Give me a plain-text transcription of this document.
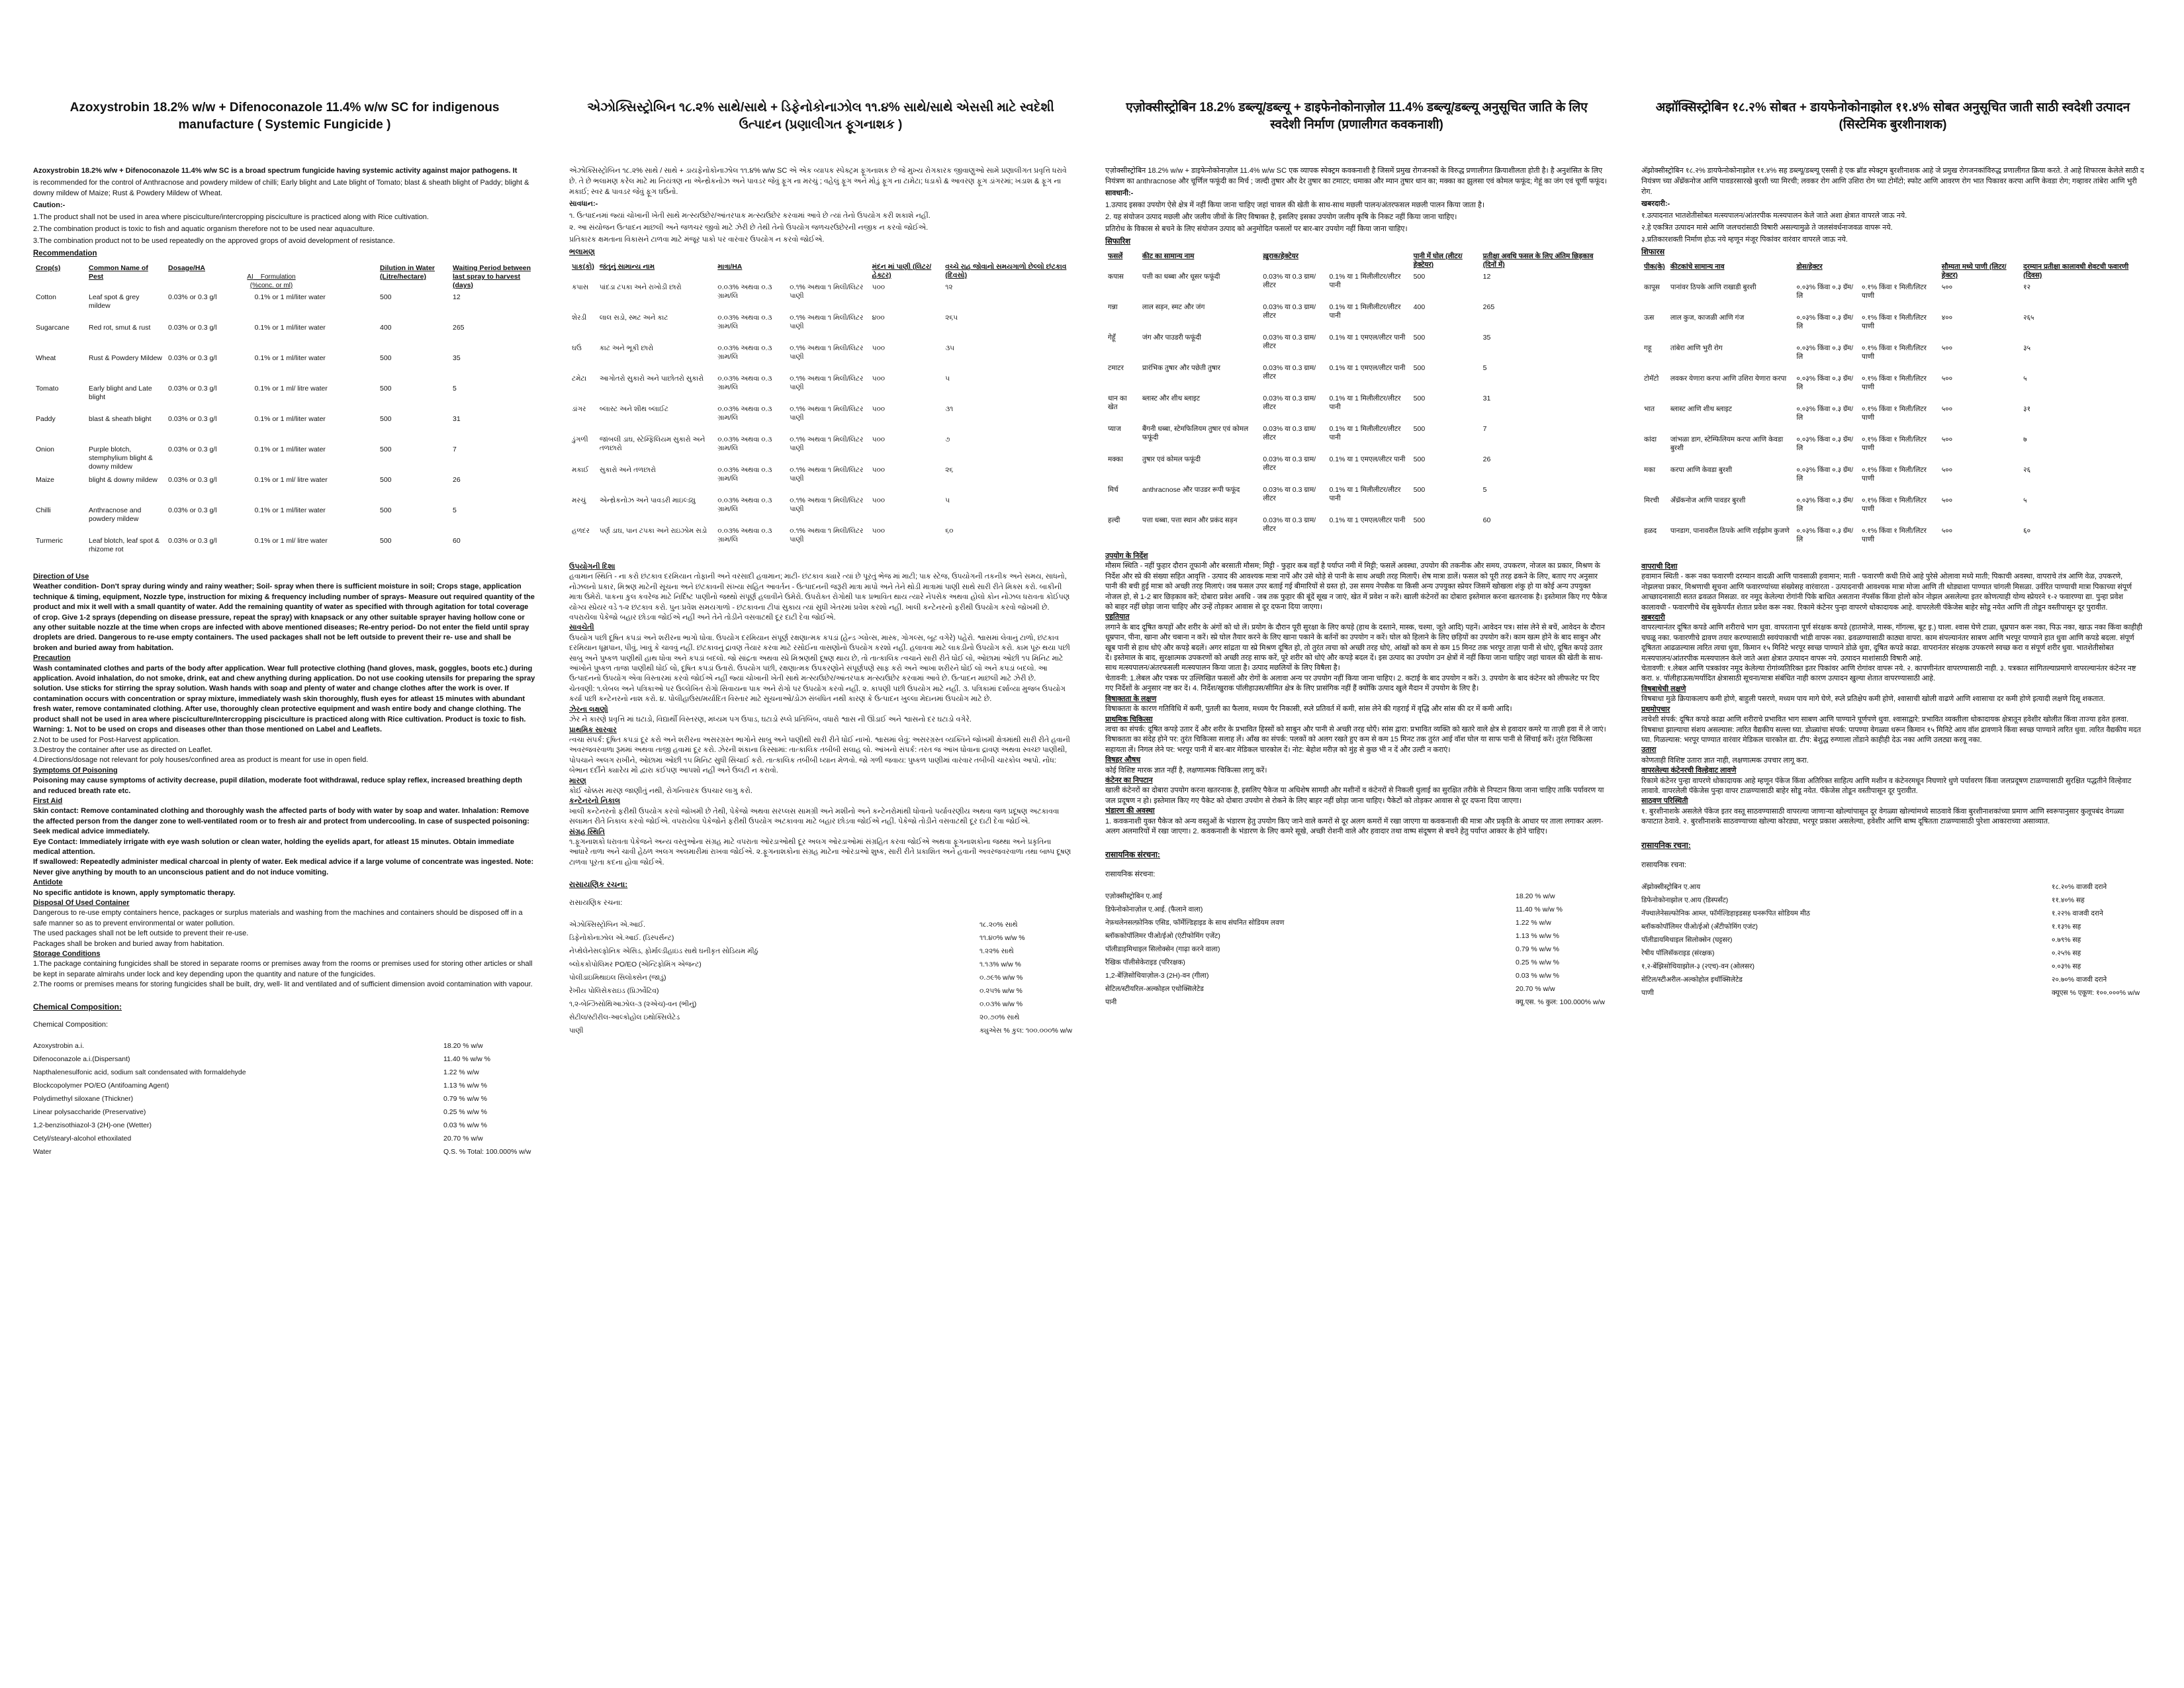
Azoxystrobin 18.2% w/w + Difenoconazole 11.4% w/w SC for indigenous manufacture ( Systemic Fungicide )
Azoxystrobin 18.2% w/w + Difenoconazole 11.4% w/w SC is a broad spectrum fungicide having systemic activity against major pathogens. It
is recommended for the control of Anthracnose and powdery mildew of chilli; Early blight and Late blight of Tomato; blast & sheath blight of Paddy; blight & downy mildew of Maize; Rust & Powdery Mildew of Wheat.
Caution:-
1.The product shall not be used in area where pisciculture/intercropping pisciculture is practiced along with Rice cultivation.
2.The combination product is toxic to fish and aquatic organism therefore not to be used near aquaculture.
3.The combination product not to be used repeatedly on the approved grops of avoid development of resistance.
Recommendation
Crop(s)	Common Name of Pest	Dosage/HA
AI Formulation
(%conc. or ml)		Dilution in Water (Litre/hectare)	Waiting Period between last spray to harvest (days)
Cotton	Leaf spot & grey mildew	0.03% or 0.3 g/l	0.1% or 1 ml/liter water	500	12
Sugarcane	Red rot, smut & rust	0.03% or 0.3 g/l	0.1% or 1 ml/liter water	400	265
Wheat	Rust & Powdery Mildew	0.03% or 0.3 g/l	0.1% or 1 ml/liter water	500	35
Tomato	Early blight and Late blight	0.03% or 0.3 g/l	0.1% or 1 ml/ litre water	500	5
Paddy	blast & sheath blight	0.03% or 0.3 g/l	0.1% or 1 ml/liter water	500	31
Onion	Purple blotch, stemphylium blight & downy mildew	0.03% or 0.3 g/l	0.1% or 1 ml/liter water	500	7
Maize	blight & downy mildew	0.03% or 0.3 g/l	0.1% or 1 ml/ litre water	500	26
Chilli	Anthracnose and powdery mildew	0.03% or 0.3 g/l	0.1% or 1 ml/liter water	500	5
Turmeric	Leaf blotch, leaf spot & rhizome rot	0.03% or 0.3 g/l	0.1% or 1 ml/ litre water	500	60
Direction of Use
Weather condition- Don't spray during windy and rainy weather; Soil- spray when there is sufficient moisture in soil; Crops stage, application technique & timing, equipment, Nozzle type, instruction for mixing & frequency including number of sprays- Measure out required quantity of the product and mix it well with a small quantity of water. Add the remaining quantity of water as specified with through agitation for total coverage of crop. Give 1-2 sprays (depending on disease pressure, repeat the spray) with knapsack or any other suitable sprayer having hollow cone or any other suitable nozzle at the time when crops are infected with above mentioned diseases; Re-entry period- Do not enter the field until spray droplets are dried. Dangerous to re-use empty containers. The used packages shall not be left outside to prevent their re- use and shall be broken and buried away from habitation.
Precaution
Wash contaminated clothes and parts of the body after application. Wear full protective clothing (hand gloves, mask, goggles, boots etc.) during application. Avoid inhalation, do not smoke, drink, eat and chew anything during application. Do not use cooking utensils for preparing the spray solution. Use sticks for stirring the spray solution. Wash hands with soap and plenty of water and change clothes after the work is over. If contamination occurs with concentration or spray mixture, immediately wash skin thoroughly, flush eyes for atleast 15 minutes with abundant fresh water, remove contaminated clothing. After use, thoroughly clean protective equipment and wash entire body and change clothing. The product shall not be used in area where pisciculture/Intercropping pisciculture is practiced along with Rice cultivation. Product is toxic to fish.
Warning: 1. Not to be used on crops and diseases other than those mentioned on Label and Leaflets.
2.Not to be used for Post-Harvest application.
3.Destroy the container after use as directed on Leaflet.
4.Directions/dosage not relevant for poly houses/confined area as product is meant for use in open field.
Symptoms Of Poisoning
Poisoning may cause symptoms of activity decrease, pupil dilation, moderate foot withdrawal, reduce splay reflex, increased breathing depth and reduced breath rate etc.
First Aid
Skin contact: Remove contaminated clothing and thoroughly wash the affected parts of body with water by soap and water. Inhalation: Remove the affected person from the danger zone to well-ventilated room or to fresh air and protect from undercooling. In case of suspected poisoning: Seek medical advice immediately.
Eye Contact: Immediately irrigate with eye wash solution or clean water, holding the eyelids apart, for atleast 15 minutes. Obtain immediate medical attention.
If swallowed: Repeatedly administer medical charcoal in plenty of water. Eek medical advice if a large volume of concentrate was ingested. Note: Never give anything by mouth to an unconscious patient and do not induce vomiting.
Antidote
No specific antidote is known, apply symptomatic therapy.
Disposal Of Used Container
Dangerous to re-use empty containers hence, packages or surplus materials and washing from the machines and containers should be disposed off in a safe manner so as to prevent environmental or water pollution.
The used packages shall not be left outside to prevent their re-use.
Packages shall be broken and buried away from habitation.
Storage Conditions
1.The package containing fungicides shall be stored in separate rooms or premises away from the rooms or premises used for storing other articles or shall be kept in separate almirahs under lock and key depending upon the quantity and nature of the fungicides.
2.The rooms or premises means for storing fungicides shall be built, dry, well- lit and ventilated and of sufficient dimension avoid contamination with vapour.
Chemical Composition:
Chemical Composition:
Azoxystrobin a.i.	18.20 % w/w
Difenoconazole a.i.(Dispersant)	11.40 % w/w %
Napthalenesulfonic acid, sodium salt condensated with formaldehyde	1.22 % w/w
Blockcopolymer PO/EO (Antifoaming Agent)	1.13 % w/w %
Polydimethyl siloxane (Thickner)	0.79 % w/w %
Linear polysaccharide (Preservative)	0.25 % w/w %
1,2-benzisothiazol-3 (2H)-one (Wetter)	0.03 % w/w %
Cetyl/stearyl-alcohol ethoxilated	20.70 % w/w
Water	Q.S. % Total: 100.000% w/w
એઝોક્સિસ્ટ્રોબિન ૧૮.૨% સાથે/સાથે + ડિફેનોકોનાઝોલ ૧૧.૪% સાથે/સાથે એસસી માટે સ્વદેશી ઉત્પાદન (પ્રણાલીગત ફૂગનાશક )
એઝોક્સિસ્ટ્રોબિન ૧૮.૨% સાથે / સાથે + ડાયફેનોકોનાઝોલ ૧૧.૪% w/w SC એ એક વ્યાપક સ્પેક્ટ્રમ ફૂગનાશક છે જે મુખ્ય રોગકારક જીવાણુઓ સામે પ્રણાલીગત પ્રવૃત્તિ ધરાવે છે. તે છે ભલામણ કરેલ માટે મા નિયંત્રણ ના એન્થ્રેકનોઝ અને પાવડર જેવું ફૂગ ના મરચું ; વહેલું ફૂગ અને મોડું ફૂગ ના ટામેટા; ધડાકો & આવરણ ફૂગ ડાંગરમાં; ખડાશ & ફૂગ ના મકાઈ; સ્વર & પાવડર જેવું ફૂગ ઘઉંનો.
સાવધાન:-
૧. ઉત્પાદનમાં જ્યાં ચોખાની ખેતી સાથે મત્સ્યઉછેર/આંતરપાક મત્સ્યઉછેર કરવામાં આવે છે ત્યાં તેનો ઉપયોગ કરી શકાશે નહીં.
૨. આ સંયોજન ઉત્પાદન માછલી અને જળચર જીવો માટે ઝેરી છે તેથી તેનો ઉપયોગ જળચરઉછેરની નજીક ન કરવો જોઈએ.
પ્રતિકારક ક્ષમતાના વિકાસને ટાળવા માટે મંજૂર પાકો પર વારંવાર ઉપયોગ ન કરવો જોઈએ.
ભલામણ
પાક(કો)	જંતુનું સામાન્ય નામ	માત્રા/HA		મંદન માં પાણી (લિટર/હેક્ટર)	વચ્ચે રાહ જોવાનો સમયગાળો છેલ્લો છંટકાવ (દિવસો)
કપાસ	પાંદડા ટપકા અને રાખોડી છારો	૦.૦૩% અથવા ૦.૩ ગ્રામ/લિ	૦.૧% અથવા ૧ મિલી/લિટર પાણી	૫૦૦	૧૨
શેરડી	લાલ સડો, સ્મટ અને કાટ	૦.૦૩% અથવા ૦.૩ ગ્રામ/લિ	૦.૧% અથવા ૧ મિલી/લિટર પાણી	૪૦૦	૨૬૫
ઘઉં	કાટ અને ભૂકી છારો	૦.૦૩% અથવા ૦.૩ ગ્રામ/લિ	૦.૧% અથવા ૧ મિલી/લિટર પાણી	૫૦૦	૩૫
ટમેટા	આગોતરો સુકારો અને પાછોતરો સુકારો	૦.૦૩% અથવા ૦.૩ ગ્રામ/લિ	૦.૧% અથવા ૧ મિલી/લિટર પાણી	૫૦૦	૫
ડાંગર	બ્લાસ્ટ અને શીથ બ્લાઈટ	૦.૦૩% અથવા ૦.૩ ગ્રામ/લિ	૦.૧% અથવા ૧ મિલી/લિટર પાણી	૫૦૦	૩૧
ડુંગળી	જાંબલી ડાઘ, સ્ટેમ્ફિલિયમ સુકારો અને તળછારો	૦.૦૩% અથવા ૦.૩ ગ્રામ/લિ	૦.૧% અથવા ૧ મિલી/લિટર પાણી	૫૦૦	૭
મકાઈ	સુકારો અને તળછારો	૦.૦૩% અથવા ૦.૩ ગ્રામ/લિ	૦.૧% અથવા ૧ મિલી/લિટર પાણી	૫૦૦	૨૬
મરચું	એન્થ્રેકનોઝ અને પાવડરી માઇલ્ડ્યુ	૦.૦૩% અથવા ૦.૩ ગ્રામ/લિ	૦.૧% અથવા ૧ મિલી/લિટર પાણી	૫૦૦	૫
હળદર	પર્ણ ડાઘ, પાન ટપકા અને રાઇઝોમ સડો	૦.૦૩% અથવા ૦.૩ ગ્રામ/લિ	૦.૧% અથવા ૧ મિલી/લિટર પાણી	૫૦૦	૬૦
ઉપયોગની દિશા
હવામાન સ્થિતિ - ના કરો છંટકાવ દરમિયાન તોફાની અને વરસાદી હવામાન; માટી- છંટકાવ ક્યારે ત્યાં છે પૂરતું ભેજ માં માટી; પાક સ્ટેજ, ઉપયોગની તકનીક અને સમય, સાધનો, નોઝલનો પ્રકાર, મિશ્રણ માટેની સૂચના અને છંટકાવની સંખ્યા સહિત આવર્તન - ઉત્પાદનની જરૂરી માત્રા માપો અને તેને થોડી માત્રામાં પાણી સાથે સારી રીતે મિક્સ કરો. બાકીની માત્રા ઉમેરો. પાકના કુલ કવરેજ માટે નિર્દિષ્ટ પાણીનો જથ્થો સંપૂર્ણ હલાવીને ઉમેરો. ઉપરોક્ત રોગોથી પાક પ્રભાવિત થાય ત્યારે નેપસેક અથવા હોલો કોન નોઝલ ધરાવતા કોઈપણ યોગ્ય સ્પ્રેયર વડે ૧-૨ છંટકાવ કરો. પુનઃપ્રવેશ સમયગાળો - છંટકાવના ટીપાં સુકાય ત્યાં સુધી ખેતરમાં પ્રવેશ કરશો નહીં. ખાલી કન્ટેનરનો ફરીથી ઉપયોગ કરવો જોખમી છે. વપરાયેલા પેકેજો બહાર છોડવા જોઈએ નહીં અને તેને તોડીને વસવાટથી દૂર દાટી દેવા જોઈએ.
સાવચેતી
ઉપયોગ પછી દૂષિત કપડાં અને શરીરના ભાગો ધોવા. ઉપયોગ દરમિયાન સંપૂર્ણ રક્ષણાત્મક કપડાં (હેન્ડ ગ્લોવ્સ, માસ્ક, ગોગલ્સ, બૂટ વગેરે) પહેરો. શ્વાસમાં લેવાનું ટાળો, છંટકાવ દરમિયાન ધૂમ્રપાન, પીવું, ખાવું કે ચાવવું નહીં. છંટકાવનું દ્રાવણ તૈયાર કરવા માટે રસોઈના વાસણોનો ઉપયોગ કરશો નહીં. હલાવવા માટે લાકડીનો ઉપયોગ કરો. કામ પૂરું થયા પછી સાબુ અને પુષ્કળ પાણીથી હાથ ધોવા અને કપડાં બદલો. જો સાંદ્રતા અથવા સ્પ્રે મિશ્રણથી દૂષણ થાય છે, તો તાત્કાલિક ત્વચાને સારી રીતે ધોઈ લો, ઓછામાં ઓછી ૧૫ મિનિટ માટે આંખોને પુષ્કળ તાજા પાણીથી ધોઈ લો, દૂષિત કપડાં ઉતારો. ઉપયોગ પછી, રક્ષણાત્મક ઉપકરણોને સંપૂર્ણપણે સાફ કરો અને આખા શરીરને ધોઈ લો અને કપડાં બદલો. આ ઉત્પાદનનો ઉપયોગ એવા વિસ્તારમાં કરવો જોઈએ નહીં જ્યાં ચોખાની ખેતી સાથે મત્સ્યઉછેર/આંતરપાક મત્સ્યઉછેર કરવામાં આવે છે. ઉત્પાદન માછલી માટે ઝેરી છે.
ચેતવણી: ૧.લેબલ અને પત્રિકાઓ પર ઉલ્લેખિત રોગો સિવાયના પાક અને રોગો પર ઉપયોગ કરવો નહીં. ૨. કાપણી પછી ઉપયોગ માટે નહીં. ૩. પત્રિકામાં દર્શાવ્યા મુજબ ઉપયોગ કર્યા પછી કન્ટેનરનો નાશ કરો. ૪. પોલીહાઉસ/મર્યાદિત વિસ્તાર માટે સૂચનાઓ/ડોઝ સંબંધિત નથી કારણ કે ઉત્પાદન ખુલ્લા મેદાનમાં ઉપયોગ માટે છે.
ઝેરના લક્ષણો
ઝેર ને કારણે પ્રવૃત્તિ માં ઘટાડો, વિદ્યાર્થી વિસ્તરણ, મધ્યમ પગ ઉપાડ, ઘટાડો સ્પ્લે પ્રતિબિંબ, વધારો શ્વાસ ની ઊંડાઈ અને શ્વાસનો દર ઘટાડો વગેરે.
પ્રાથમિક સારવાર
ત્વચા સંપર્ક: દૂષિત કપડાં દૂર કરો અને શરીરના અસરગ્રસ્ત ભાગોને સાબુ અને પાણીથી સારી રીતે ધોઈ નાખો. શ્વાસમાં લેવું: અસરગ્રસ્ત વ્યક્તિને જોખમી ક્ષેત્રમાંથી સારી રીતે હવાની અવરજવરવાળા રૂમમાં અથવા તાજી હવામાં દૂર કરો. ઝેરની શંકાના કિસ્સામાં: તાત્કાલિક તબીબી સલાહ લો. આંખનો સંપર્ક: તરત જ આંખ ધોવાના દ્રાવણ અથવા સ્વચ્છ પાણીથી, પોપચાને અલગ રાખીને, ઓછામાં ઓછી ૧૫ મિનિટ સુધી સિંચાઈ કરો. તાત્કાલિક તબીબી ધ્યાન મેળવો. જો ગળી જવાય: પુષ્કળ પાણીમાં વારંવાર તબીબી ચારકોલ આપો. નોંધ: બેભાન દર્દીને ક્યારેય મોં દ્વારા કંઈપણ આપશો નહીં અને ઉલટી ન કરાવો.
મારણ
કોઈ ચોક્કસ મારણ જાણીતું નથી, રોગનિવારક ઉપચાર લાગુ કરો.
કન્ટેનરનો નિકાલ
ખાલી કન્ટેનરનો ફરીથી ઉપયોગ કરવો જોખમી છે તેથી, પેકેજો અથવા સરપ્લસ સામગ્રી અને મશીનો અને કન્ટેનરોમાંથી ધોવાનો પર્યાવરણીય અથવા જળ પ્રદૂષણ અટકાવવા સલામત રીતે નિકાલ કરવો જોઈએ. વપરાયેલા પેકેજોને ફરીથી ઉપયોગ અટકાવવા માટે બહાર છોડવા જોઈએ નહીં. પેકેજો તોડીને વસવાટથી દૂર દાટી દેવા જોઈએ.
સંગ્રહ સ્થિતિ
૧.ફૂગનાશકો ધરાવતા પેકેજને અન્ય વસ્તુઓના સંગ્રહ માટે વપરાતા ઓરડાઓથી દૂર અલગ ઓરડાઓમાં સંગ્રહિત કરવા જોઈએ અથવા ફૂગનાશકોના જથ્થા અને પ્રકૃતિના આધારે તાળા અને ચાવી હેઠળ અલગ અલમારીમાં રાખવા જોઈએ. ૨.ફૂગનાશકોના સંગ્રહ માટેના ઓરડાઓ શુષ્ક, સારી રીતે પ્રકાશિત અને હવાની અવરજવરવાળા તથા બાષ્પ દૂષણ ટાળવા પૂરતા કદના હોવા જોઈએ.
રાસાયણિક રચના:
રાસાયણિક રચના:
એઝોક્સિસ્ટ્રોબિન એ.આઈ.	૧૮.૨૦% સાથે
ડિફેનોકોનાઝોલ એ.આઈ. (ડિસ્પર્સન્ટ)	૧૧.૪૦% w/w %
નેપ્થેલેનેસલ્ફોનિક એસિડ, ફોર્માલ્ડીહાઇડ સાથે ઘનીકૃત સોડિયમ મીઠું	૧.૨૨% સાથે
બ્લોકકોપોલિમર PO/EO (એન્ટિફોમિંગ એજન્ટ)	૧.૧૩% w/w %
પોલીડાઇમિથાઇલ સિલોક્સેન (જાડું)	૦.૭૯% w/w %
રેખીય પોલિસેકરાઇડ (પ્રિઝર્વેટિવ)	૦.૨૫% w/w %
૧,૨-બેન્ઝિસોથિઆઝોલ-૩ (૨એચ)-વન (ભીનું)	૦.૦૩% w/w %
સેટીલ/સ્ટીરીલ-આલ્કોહોલ ઇથોક્સિલેટેડ	૨૦.૭૦% સાથે
પાણી	ક્યુએસ % કુલ: ૧૦૦.૦૦૦% w/w
एज़ोक्सीस्ट्रोबिन 18.2% डब्ल्यू/डब्ल्यू + डाइफेनोकोनाज़ोल 11.4% डब्ल्यू/डब्ल्यू अनुसूचित जाति के लिए स्वदेशी निर्माण (प्रणालीगत कवकनाशी)
एज़ोक्सीस्ट्रोबिन 18.2% w/w + डाइफेनोकोनाज़ोल 11.4% w/w SC एक व्यापक स्पेक्ट्रम कवकनाशी है जिसमें प्रमुख रोगजनकों के विरुद्ध प्रणालीगत क्रियाशीलता होती है। है अनुशंसित के लिए नियंत्रण का anthracnose और चूर्णिल फफूंदी का मिर्च ; जल्दी तुषार और देर तुषार का टमाटर; धमाका और म्यान तुषार धान का; मक्का का झुलसा एवं कोमल फफूंद; गेहूं का जंग एवं चूर्णी फफूंद।
सावधानी:-
1.उत्पाद इसका उपयोग ऐसे क्षेत्र में नहीं किया जाना चाहिए जहां चावल की खेती के साथ-साथ मछली पालन/अंतरफसल मछली पालन किया जाता है।
2. यह संयोजन उत्पाद मछली और जलीय जीवों के लिए विषाक्त है, इसलिए इसका उपयोग जलीय कृषि के निकट नहीं किया जाना चाहिए।
प्रतिरोध के विकास से बचने के लिए संयोजन उत्पाद को अनुमोदित फसलों पर बार-बार उपयोग नहीं किया जाना चाहिए।
सिफारिश
फसलें	कीट का सामान्य नाम	ख़ुराक/हेक्टेयर		पानी में घोल (लीटर/हेक्टेयर)	प्रतीक्षा अवधि फसल के लिए अंतिम छिड़काव (दिनों में)
कपास	पत्ती का धब्बा और धूसर फफूंदी	0.03% या 0.3 ग्राम/लीटर	0.1% या 1 मिलीलीटर/लीटर पानी	500	12
गन्ना	लाल सड़न, स्मट और जंग	0.03% या 0.3 ग्राम/लीटर	0.1% या 1 मिलीलीटर/लीटर पानी	400	265
गेहूँ	जंग और पाउडरी फफूंदी	0.03% या 0.3 ग्राम/लीटर	0.1% या 1 एमएल/लीटर पानी	500	35
टमाटर	प्रारंभिक तुषार और पछेती तुषार	0.03% या 0.3 ग्राम/लीटर	0.1% या 1 एमएल/लीटर पानी	500	5
धान का खेत	ब्लास्ट और शीथ ब्लाइट	0.03% या 0.3 ग्राम/लीटर	0.1% या 1 मिलीलीटर/लीटर पानी	500	31
प्याज	बैंगनी धब्बा, स्टेमफिलियम तुषार एवं कोमल फफूंदी	0.03% या 0.3 ग्राम/लीटर	0.1% या 1 मिलीलीटर/लीटर पानी	500	7
मक्का	तुषार एवं कोमल फफूंदी	0.03% या 0.3 ग्राम/लीटर	0.1% या 1 एमएल/लीटर पानी	500	26
मिर्च	anthracnose और पाउडर रूपी फफूंद	0.03% या 0.3 ग्राम/लीटर	0.1% या 1 मिलीलीटर/लीटर पानी	500	5
हल्दी	पत्ता धब्बा, पत्ता स्थान और प्रकंद सड़न	0.03% या 0.3 ग्राम/लीटर	0.1% या 1 एमएल/लीटर पानी	500	60
उपयोग के निर्देश
मौसम स्थिति - नहीं फुहार दौरान तूफानी और बरसाती मौसम; मिट्टी - फुहार कब वहाँ है पर्याप्त नमी में मिट्टी; फसलें अवस्था, उपयोग की तकनीक और समय, उपकरण, नोजल का प्रकार, मिश्रण के निर्देश और स्प्रे की संख्या सहित आवृत्ति - उत्पाद की आवश्यक मात्रा नापें और उसे थोड़े से पानी के साथ अच्छी तरह मिलाएँ। शेष मात्रा डालें। फसल को पूरी तरह ढकने के लिए, बताए गए अनुसार पानी की बची हुई मात्रा को अच्छी तरह मिलाएं। जब फसल उपर बताई गई बीमारियों से ग्रस्त हो, उस समय नेपसैक या किसी अन्य उपयुक्त स्प्रेयर जिसमें खोखला शंकु हो या कोई अन्य उपयुक्त नोजल हो, से 1-2 बार छिड़काव करें; दोबारा प्रवेश अवधि - जब तक फुहार की बूंदें सूख न जाएं, खेत में प्रवेश न करें। खाली कंटेनरों का दोबारा इस्तेमाल करना खतरनाक है। इस्तेमाल किए गए पैकेज को बाहर नहीं छोड़ा जाना चाहिए और उन्हें तोड़कर आवास से दूर दफना दिया जाएगा।
एहतियात
लगाने के बाद दूषित कपड़ों और शरीर के अंगों को धो लें। प्रयोग के दौरान पूरी सुरक्षा के लिए कपड़े (हाथ के दस्ताने, मास्क, चश्मा, जूते आदि) पहनें। आवेदन पत्र। सांस लेने से बचें, आवेदन के दौरान धूम्रपान, पीना, खाना और चबाना न करें। स्प्रे घोल तैयार करने के लिए खाना पकाने के बर्तनों का उपयोग न करें। घोल को हिलाने के लिए छड़ियों का उपयोग करें। काम खत्म होने के बाद साबुन और खूब पानी से हाथ धोएं और कपड़े बदलें। अगर सांद्रता या स्प्रे मिश्रण दूषित हो, तो तुरंत त्वचा को अच्छी तरह धोएं, आंखों को कम से कम 15 मिनट तक भरपूर ताज़ा पानी से धोएं, दूषित कपड़े उतार दें। इस्तेमाल के बाद, सुरक्षात्मक उपकरणों को अच्छी तरह साफ करें, पूरे शरीर को धोएं और कपड़े बदल दें। इस उत्पाद का उपयोग उन क्षेत्रों में नहीं किया जाना चाहिए जहां चावल की खेती के साथ-साथ मत्स्यपालन/अंतरफसली मत्स्यपालन किया जाता है। उत्पाद मछलियों के लिए विषैला है।
चेतावनी: 1.लेबल और पत्रक पर उल्लिखित फसलों और रोगों के अलावा अन्य पर उपयोग नहीं किया जाना चाहिए। 2. कटाई के बाद उपयोग न करें। 3. उपयोग के बाद कंटेनर को लीफलेट पर दिए गए निर्देशों के अनुसार नष्ट कर दें। 4. निर्देश/खुराक पॉलीहाउस/सीमित क्षेत्र के लिए प्रासंगिक नहीं हैं क्योंकि उत्पाद खुले मैदान में उपयोग के लिए है।
विषाक्तता के लक्षण
विषाक्तता के कारण गतिविधि में कमी, पुतली का फैलाव, मध्यम पैर निकासी, स्प्ले प्रतिवर्त में कमी, सांस लेने की गहराई में वृद्धि और सांस की दर में कमी आदि।
प्राथमिक चिकित्सा
त्वचा का संपर्क: दूषित कपड़े उतार दें और शरीर के प्रभावित हिस्सों को साबुन और पानी से अच्छी तरह धोएँ। सांस द्वारा: प्रभावित व्यक्ति को खतरे वाले क्षेत्र से हवादार कमरे या ताज़ी हवा में ले जाएं। विषाक्तता का संदेह होने पर: तुरंत चिकित्सा सलाह लें। आँख का संपर्क: पलकों को अलग रखते हुए कम से कम 15 मिनट तक तुरंत आई वॉश घोल या साफ पानी से सिंचाई करें। तुरंत चिकित्सा सहायता लें। निगल लेने पर: भरपूर पानी में बार-बार मेडिकल चारकोल दें। नोट: बेहोश मरीज़ को मुंह से कुछ भी न दें और उल्टी न कराएं।
विषहर औषध
कोई विशिष्ट मारक ज्ञात नहीं है, लक्षणात्मक चिकित्सा लागू करें।
कंटेनर का निपटान
खाली कंटेनरों का दोबारा उपयोग करना खतरनाक है, इसलिए पैकेज या अधिशेष सामग्री और मशीनों व कंटेनरों से निकली धुलाई का सुरक्षित तरीके से निपटान किया जाना चाहिए ताकि पर्यावरण या जल प्रदूषण न हो। इस्तेमाल किए गए पैकेट को दोबारा उपयोग से रोकने के लिए बाहर नहीं छोड़ा जाना चाहिए। पैकेटों को तोड़कर आवास से दूर दफना दिया जाएगा।
भंडारण की अवस्था
1. कवकनाशी युक्त पैकेज को अन्य वस्तुओं के भंडारण हेतु उपयोग किए जाने वाले कमरों से दूर अलग कमरों में रखा जाएगा या कवकनाशी की मात्रा और प्रकृति के आधार पर ताला लगाकर अलग-अलग अलमारियों में रखा जाएगा। 2. कवकनाशी के भंडारण के लिए कमरे सूखे, अच्छी रोशनी वाले और हवादार तथा वाष्प संदूषण से बचने हेतु पर्याप्त आकार के होने चाहिए।
रासायनिक संरचना:
रासायनिक संरचना:
एज़ोक्सीस्ट्रोबिन ए.आई	18.20 % w/w
डिफेनोकोनाज़ोल ए.आई. (फैलाने वाला)	11.40 % w/w %
नेफ़थलेनसल्फ़ोनिक एसिड, फॉर्मेल्डिहाइड के साथ संघनित सोडियम लवण	1.22 % w/w
ब्लॉककोपॉलिमर पीओ/ईओ (एंटीफोमिंग एजेंट)	1.13 % w/w %
पॉलीडाइमिथाइल सिलोक्सेन (गाढ़ा करने वाला)	0.79 % w/w %
रैखिक पॉलीसेकेराइड (परिरक्षक)	0.25 % w/w %
1,2-बेंज़िसोथियाज़ोल-3 (2H)-वन (गीला)	0.03 % w/w %
सेटिल/स्टीयरिल-अल्कोहल एथोक्सिलेटेड	20.70 % w/w
पानी	क्यू.एस. % कुल: 100.000% w/w
अझॉक्सिस्ट्रोबिन १८.२% सोबत + डायफेनोकोनाझोल ११.४% सोबत अनुसूचित जाती साठी स्वदेशी उत्पादन (सिस्टेमिक बुरशीनाशक)
अ‍ॅझोक्सीस्ट्रोबिन १८.२% डायफेनोकोनाझोल ११.४% सह डब्ल्यू/डब्ल्यू एससी हे एक ब्रॉड स्पेक्ट्रम बुरशीनाशक आहे जे प्रमुख रोगजनकांविरुद्ध प्रणालीगत क्रिया करते. ते आहे शिफारस केलेले साठी द नियंत्रण च्या अँथ्रॅकनोज आणि पावडरसारखे बुरशी च्या मिरची; लवकर रोग आणि उशिरा रोग च्या टोमॅटो; स्फोट आणि आवरण रोग भात पिकावर करपा आणि केवडा रोग; गव्हावर तांबेरा आणि भुरी रोग.
खबरदारी:-
१.उत्पादनात भातशेतीसोबत मत्स्यपालन/आंतरपीक मत्स्यपालन केले जाते अशा क्षेत्रात वापरले जाऊ नये.
२.हे एकत्रित उत्पादन मासे आणि जलचरांसाठी विषारी असल्यामुळे ते जलसंवर्धनाजवळ वापरू नये.
३.प्रतिकारशक्ती निर्माण होऊ नये म्हणून मंजूर पिकांवर वारंवार वापरले जाऊ नये.
शिफारस
पीक(के)	कीटकांचे सामान्य नाव	डोस/हेक्टर		सौम्यता मध्ये पाणी (लिटर/हेक्टर)	दरम्यान प्रतीक्षा कालावधी शेवटची फवारणी (दिवस)
कापूस	पानांवर ठिपके आणि राखाडी बुरशी	०.०३% किंवा ०.३ ग्रॅम/लि	०.१% किंवा १ मिली/लिटर पाणी	५००	१२
ऊस	लाल कुज, काजळी आणि गंज	०.०३% किंवा ०.३ ग्रॅम/लि	०.१% किंवा १ मिली/लिटर पाणी	४००	२६५
गहू	तांबेरा आणि भुरी रोग	०.०३% किंवा ०.३ ग्रॅम/लि	०.१% किंवा १ मिली/लिटर पाणी	५००	३५
टोमॅटो	लवकर येणारा करपा आणि उशिरा येणारा करपा	०.०३% किंवा ०.३ ग्रॅम/लि	०.१% किंवा १ मिली/लिटर पाणी	५००	५
भात	ब्लास्ट आणि शीथ ब्लाइट	०.०३% किंवा ०.३ ग्रॅम/लि	०.१% किंवा १ मिली/लिटर पाणी	५००	३१
कांदा	जांभळा डाग, स्टेम्फिलियम करपा आणि केवडा बुरशी	०.०३% किंवा ०.३ ग्रॅम/लि	०.१% किंवा १ मिली/लिटर पाणी	५००	७
मका	करपा आणि केवडा बुरशी	०.०३% किंवा ०.३ ग्रॅम/लि	०.१% किंवा १ मिली/लिटर पाणी	५००	२६
मिरची	अँथ्रॅकनोज आणि पावडर बुरशी	०.०३% किंवा ०.३ ग्रॅम/लि	०.१% किंवा १ मिली/लिटर पाणी	५००	५
हळद	पानडाग, पानावरील ठिपके आणि राईझोम कुजणे	०.०३% किंवा ०.३ ग्रॅम/लि	०.१% किंवा १ मिली/लिटर पाणी	५००	६०
वापराची दिशा
हवामान स्थिती - करू नका फवारणी दरम्यान वादळी आणि पावसाळी हवामान; माती - फवारणी कधी तिथे आहे पुरेसे ओलावा मध्ये माती; पिकाची अवस्था, वापराचे तंत्र आणि वेळ, उपकरणे, नोझलचा प्रकार, मिश्रणाची सूचना आणि फवारण्यांच्या संख्येसह वारंवारता - उत्पादनाची आवश्यक मात्रा मोजा आणि ती थोड्याशा पाण्यात चांगली मिसळा. उर्वरित पाण्याची मात्रा पिकाच्या संपूर्ण आच्छादनासाठी सतत ढवळत मिसळा. वर नमूद केलेल्या रोगांनी पिके बाधित असताना नॅपसॅक किंवा होलो कोन नोझल असलेल्या इतर कोणत्याही योग्य स्प्रेयरने १-२ फवारण्या द्या. पुन्हा प्रवेश कालावधी - फवारणीचे थेंब सुकेपर्यंत शेतात प्रवेश करू नका. रिकामे कंटेनर पुन्हा वापरणे धोकादायक आहे. वापरलेली पॅकेजेस बाहेर सोडू नयेत आणि ती तोडून वस्तीपासून दूर पुरावीत.
खबरदारी
वापरल्यानंतर दूषित कपडे आणि शरीराचे भाग धुवा. वापरताना पूर्ण संरक्षक कपडे (हातमोजे, मास्क, गॉगल्स, बूट इ.) घाला. श्वास घेणे टाळा, धूम्रपान करू नका, पिऊ नका, खाऊ नका किंवा काहीही चघळू नका. फवारणीचे द्रावण तयार करण्यासाठी स्वयंपाकाची भांडी वापरू नका. ढवळण्यासाठी काठ्या वापरा. काम संपल्यानंतर साबण आणि भरपूर पाण्याने हात धुवा आणि कपडे बदला. संपूर्ण दूषितता आढळल्यास त्वरित त्वचा धुवा, किमान १५ मिनिटे भरपूर स्वच्छ पाण्याने डोळे धुवा, दूषित कपडे काढा. वापरानंतर संरक्षक उपकरणे स्वच्छ करा व संपूर्ण शरीर धुवा. भातशेतीसोबत मत्स्यपालन/आंतरपीक मत्स्यपालन केले जाते अशा क्षेत्रात उत्पादन वापरू नये. उत्पादन माशांसाठी विषारी आहे.
चेतावणी: १.लेबल आणि पत्रकांवर नमूद केलेल्या रोगांव्यतिरिक्त इतर पिकांवर आणि रोगांवर वापरू नये. २. कापणीनंतर वापरण्यासाठी नाही. ३. पत्रकात सांगितल्याप्रमाणे वापरल्यानंतर कंटेनर नष्ट करा. ४. पॉलीहाऊस/मर्यादित क्षेत्रासाठी सूचना/मात्रा संबंधित नाही कारण उत्पादन खुल्या शेतात वापरण्यासाठी आहे.
विषबाधेची लक्षणे
विषबाधा मुळे क्रियाकलाप कमी होणे, बाहुली पसरणे, मध्यम पाय मागे घेणे, स्प्ले प्रतिक्षेप कमी होणे, श्वासाची खोली वाढणे आणि श्वासाचा दर कमी होणे इत्यादी लक्षणे दिसू शकतात.
प्रथमोपचार
त्वचेशी संपर्क: दूषित कपडे काढा आणि शरीराचे प्रभावित भाग साबण आणि पाण्याने पूर्णपणे धुवा. श्वासाद्वारे: प्रभावित व्यक्तीला धोकादायक क्षेत्रातून हवेशीर खोलीत किंवा ताज्या हवेत हलवा. विषबाधा झाल्याचा संशय असल्यास: त्वरित वैद्यकीय सल्ला घ्या. डोळ्यांचा संपर्क: पापण्या वेगळ्या धरून किमान १५ मिनिटे आय वॉश द्रावणाने किंवा स्वच्छ पाण्याने त्वरित धुवा. त्वरित वैद्यकीय मदत घ्या. गिळल्यास: भरपूर पाण्यात वारंवार मेडिकल चारकोल द्या. टीप: बेशुद्ध रुग्णाला तोंडाने काहीही देऊ नका आणि उलट्या करवू नका.
उतारा
कोणताही विशिष्ट उतारा ज्ञात नाही, लक्षणात्मक उपचार लागू करा.
वापरलेल्या कंटेनरची विल्हेवाट लावणे
रिकामे कंटेनर पुन्हा वापरणे धोकादायक आहे म्हणून पॅकेज किंवा अतिरिक्त साहित्य आणि मशीन व कंटेनरमधून निघणारे धुणे पर्यावरण किंवा जलप्रदूषण टाळण्यासाठी सुरक्षित पद्धतीने विल्हेवाट लावावे. वापरलेली पॅकेजेस पुन्हा वापर टाळण्यासाठी बाहेर सोडू नयेत. पॅकेजेस तोडून वस्तीपासून दूर पुरावीत.
साठवण परिस्थिती
१. बुरशीनाशके असलेले पॅकेज इतर वस्तू साठवण्यासाठी वापरल्या जाणाऱ्या खोल्यांपासून दूर वेगळ्या खोल्यांमध्ये साठवावे किंवा बुरशीनाशकांच्या प्रमाण आणि स्वरूपानुसार कुलूपबंद वेगळ्या कपाटात ठेवावे. २. बुरशीनाशके साठवण्याच्या खोल्या कोरड्या, भरपूर प्रकाश असलेल्या, हवेशीर आणि बाष्प दूषितता टाळण्यासाठी पुरेशा आकाराच्या असाव्यात.
रासायनिक रचना:
रासायनिक रचना:
अ‍ॅझोक्सीस्ट्रोबिन ए.आय	१८.२०% वाजवी दराने
डिफेनोकोनाझोल ए.आय (डिस्पर्संट)	११.४०% सह
नॅफ्थालेनेसल्फोनिक आम्ल, फॉर्मल्डिहाइडसह घनरूपित सोडियम मीठ	१.२२% वाजवी दराने
ब्लॉककोपॉलिमर पीओ/ईओ (अँटीफोमिंग एजंट)	१.१३% सह
पॉलीडायमिथाइल सिलोक्सेन (घट्टसर)	०.७९% सह
रेषीय पॉलिसॅकराइड (संरक्षक)	०.२५% सह
१,२-बेंझिसोथियाझोल-३ (२एच)-वन (ओलसर)	०.०३% सह
सेटिल/स्टीअरील-अल्कोहोल इथॉक्सिलेटेड	२०.७०% वाजवी दराने
पाणी	क्यूएस % एकूण: १००.०००% w/w
